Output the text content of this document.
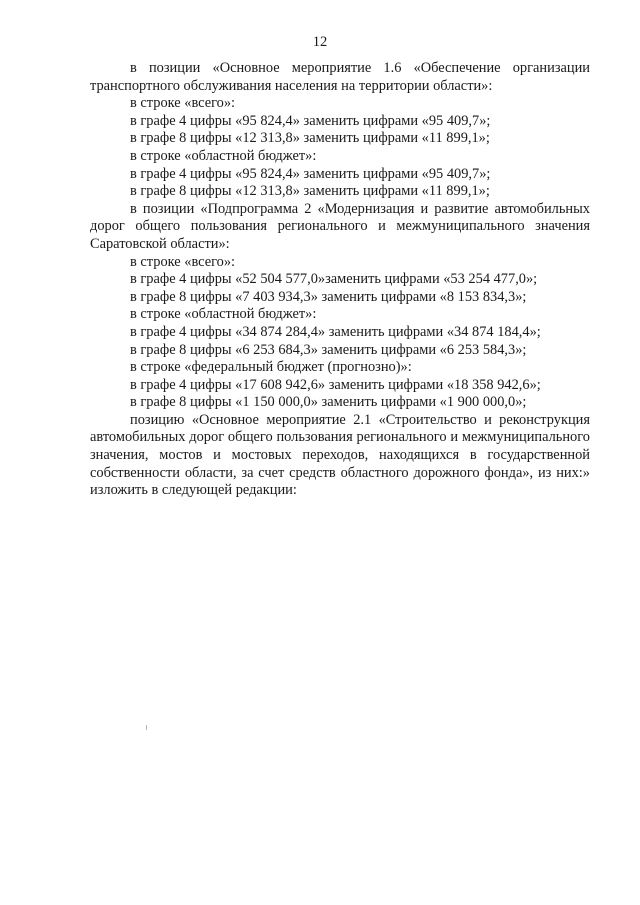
12

в позиции «Основное мероприятие 1.6 «Обеспечение организации транспортного обслуживания населения на территории области»:

в строке «всего»:

в графе 4 цифры «95 824,4» заменить цифрами «95 409,7»;

в графе 8 цифры «12 313,8» заменить цифрами «11 899,1»;

в строке «областной бюджет»:

в графе 4 цифры «95 824,4» заменить цифрами «95 409,7»;

в графе 8 цифры «12 313,8» заменить цифрами «11 899,1»;

в позиции «Подпрограмма 2 «Модернизация и развитие автомобильных дорог общего пользования регионального и межмуниципального значения Саратовской области»:

в строке «всего»:

в графе 4 цифры «52 504 577,0»заменить цифрами «53 254 477,0»;

в графе 8 цифры «7 403 934,3» заменить цифрами «8 153 834,3»;

в строке «областной бюджет»:

в графе 4 цифры «34 874 284,4» заменить цифрами «34 874 184,4»;

в графе 8 цифры «6 253 684,3» заменить цифрами «6 253 584,3»;

в строке «федеральный бюджет (прогнозно)»:

в графе 4 цифры «17 608 942,6» заменить цифрами «18 358 942,6»;

в графе 8 цифры «1 150 000,0» заменить цифрами «1 900 000,0»;

позицию «Основное мероприятие 2.1 «Строительство и реконструкция автомобильных дорог общего пользования регионального и межмуниципального значения, мостов и мостовых переходов, находящихся в государственной собственности области, за счет средств областного дорожного фонда», из них:» изложить в следующей редакции:
